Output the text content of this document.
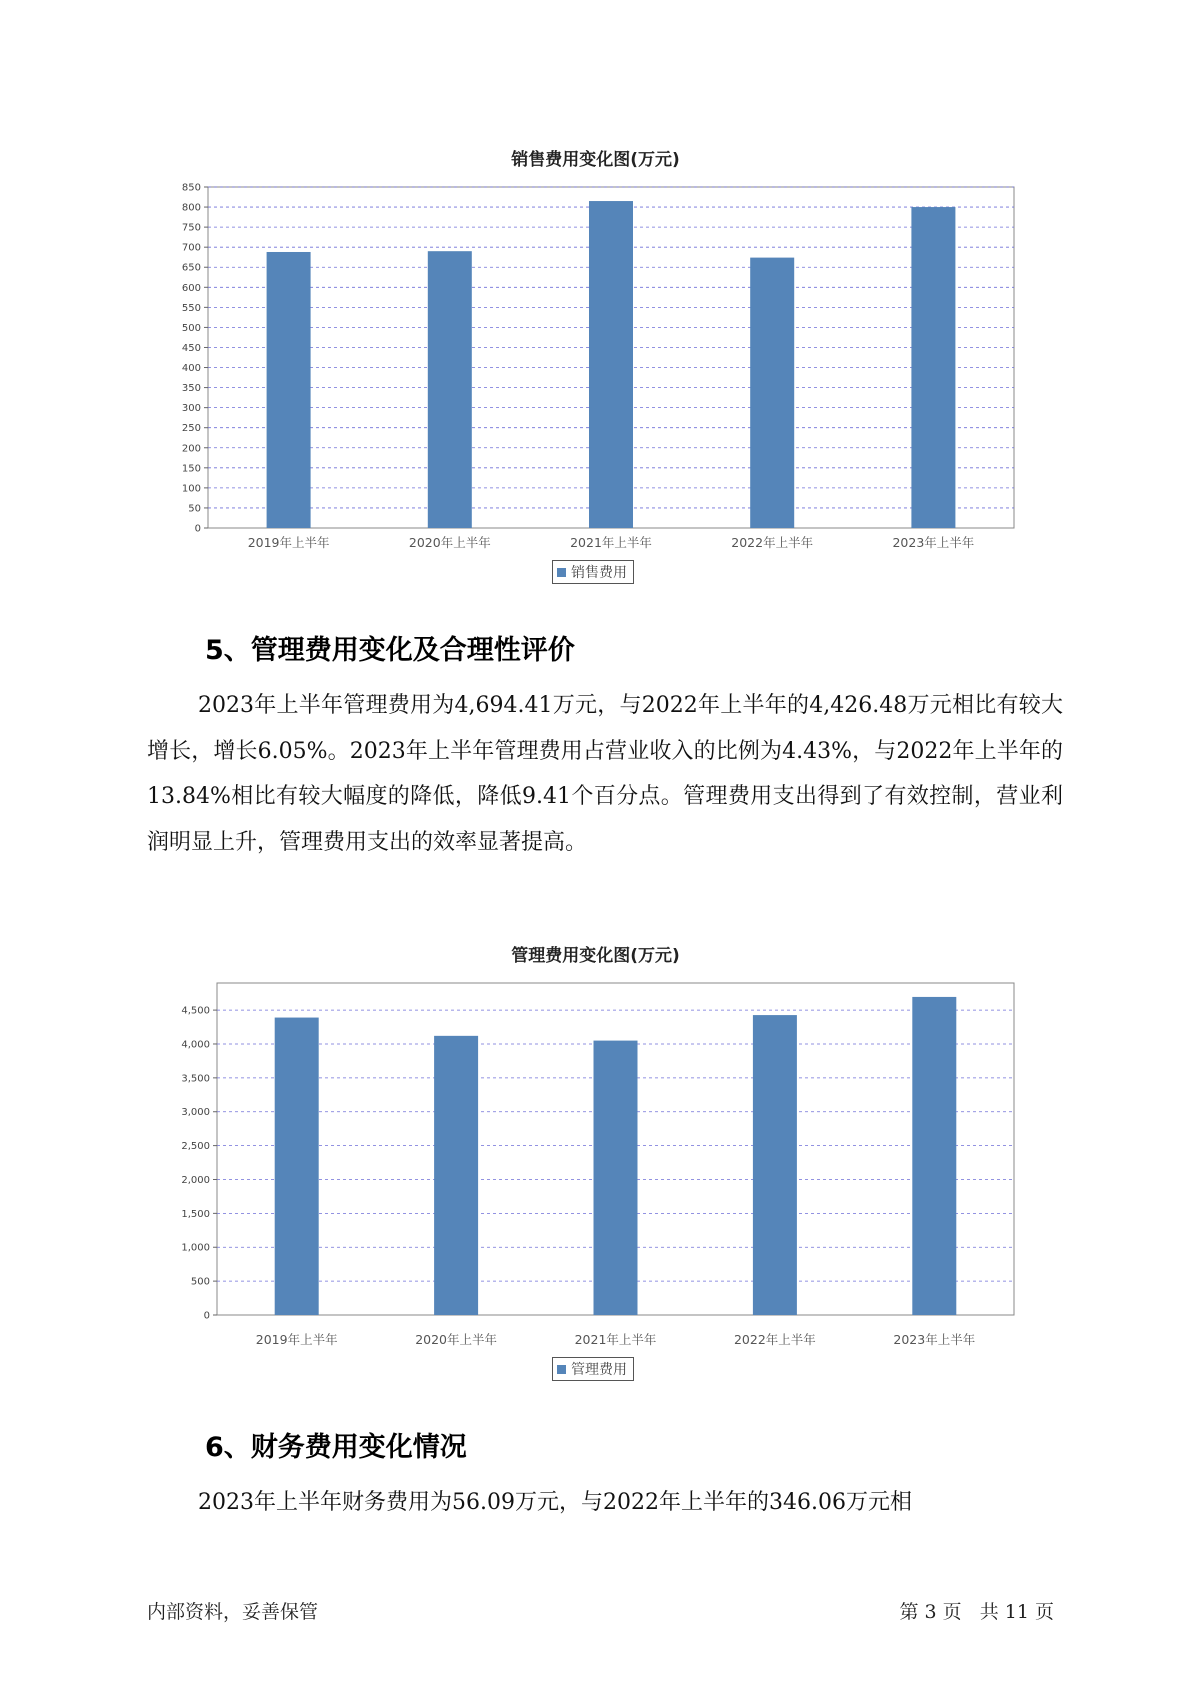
销售费用变化图(万元)
0
50
100
150
200
250
300
350
400
450
500
550
600
650
700
750
800
850
2019年上半年	2020年上半年	2021年上半年	2022年上半年	2023年上半年
销售费用
5、管理费用变化及合理性评价
2023年上半年管理费用为4,694.41万元，与2022年上半年的4,426.48万元相比有较大增长，增长6.05%。2023年上半年管理费用占营业收入的比例为4.43%，与2022年上半年的13.84%相比有较大幅度的降低，降低9.41个百分点。管理费用支出得到了有效控制，营业利润明显上升，管理费用支出的效率显著提高。
管理费用变化图(万元)
0
500
1,000
1,500
2,000
2,500
3,000
3,500
4,000
4,500
2019年上半年	2020年上半年	2021年上半年	2022年上半年	2023年上半年
管理费用
6、财务费用变化情况
2023年上半年财务费用为56.09万元，与2022年上半年的346.06万元相
内部资料，妥善保管	第 3 页   共 11 页
